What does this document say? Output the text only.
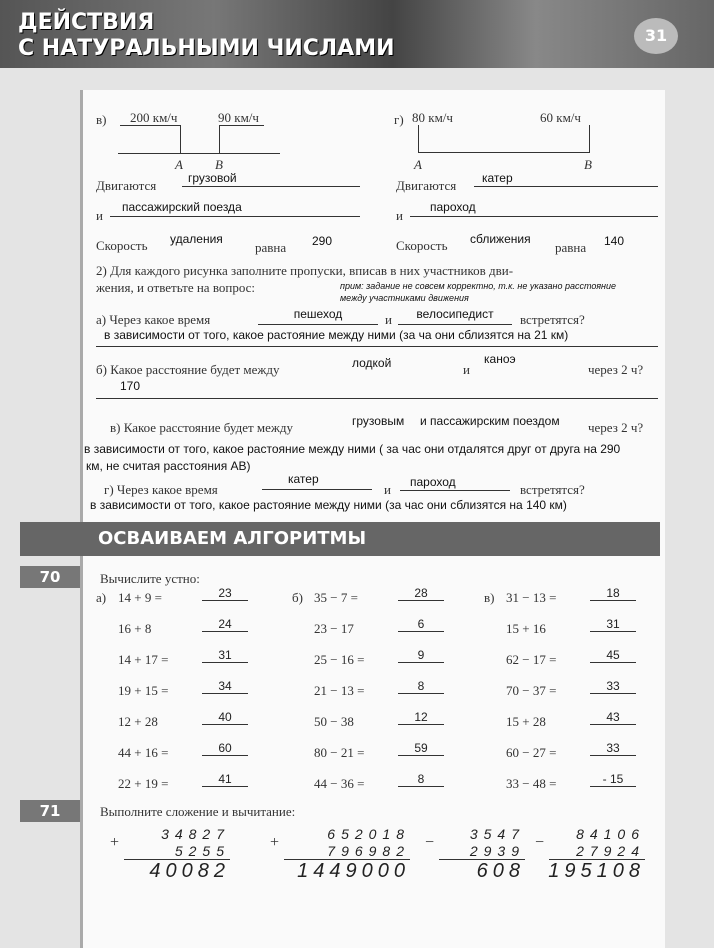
ДЕЙСТВИЯ
С НАТУРАЛЬНЫМИ ЧИСЛАМИ
31
в) 200 км/ч	90 км/ч
A B
г) 80 км/ч	60 км/ч
A	B
Двигаются	грузовой
и
пассажирский поезда
Скорость удаления
равна 290
Двигаются	катер
и
пароход
Скорость сближения
равна 140
2) Для каждого рисунка заполните пропуски, вписав в них участников дви-
жения, и ответьте на вопрос:	прим: задание не совсем корректно, т.к. не указано расстояние
между участниками движения
а) Через какое время	пешеход	и	велосипедист	встретятся?
в зависимости от того, какое растояние между ними (за ча они сблизятся на 21 км)
б) Какое расстояние будет между	лодкой	и
каноэ
через 2 ч?
170
в) Какое расстояние будет между	грузовым и пассажирским поездом через 2 ч?
в зависимости от того, какое растояние между ними ( за час они отдалятся друг от друга на 290
км, не считая расстояния АВ)
г) Через какое время
катер
и	пароход	встретятся?
в зависимости от того, какое растояние между ними (за час они сблизятся на 140 км)
ОСВАИВАЕМ АЛГОРИТМЫ
70	Вычислите устно:
а) 14 + 9 =	23
16 + 8	24
14 + 17 =	31
19 + 15 =	34
12 + 28	40
44 + 16 =	60
22 + 19 =	41
б) 35 − 7 =	28
23 − 17	6
25 − 16 =	9
21 − 13 =	8
50 − 38	12
80 − 21 =	59
44 − 36 =	8
в) 31 − 13 =	18
15 + 16	31
62 − 17 =	45
70 − 37 =	33
15 + 28	43
60 − 27 =	33
33 − 48 =	- 15
71	Выполните сложение и вычитание:
+	34827
5255
40082
+	652018
796982
1449000
−	3547
2939
608
−	84106
27924
195108
